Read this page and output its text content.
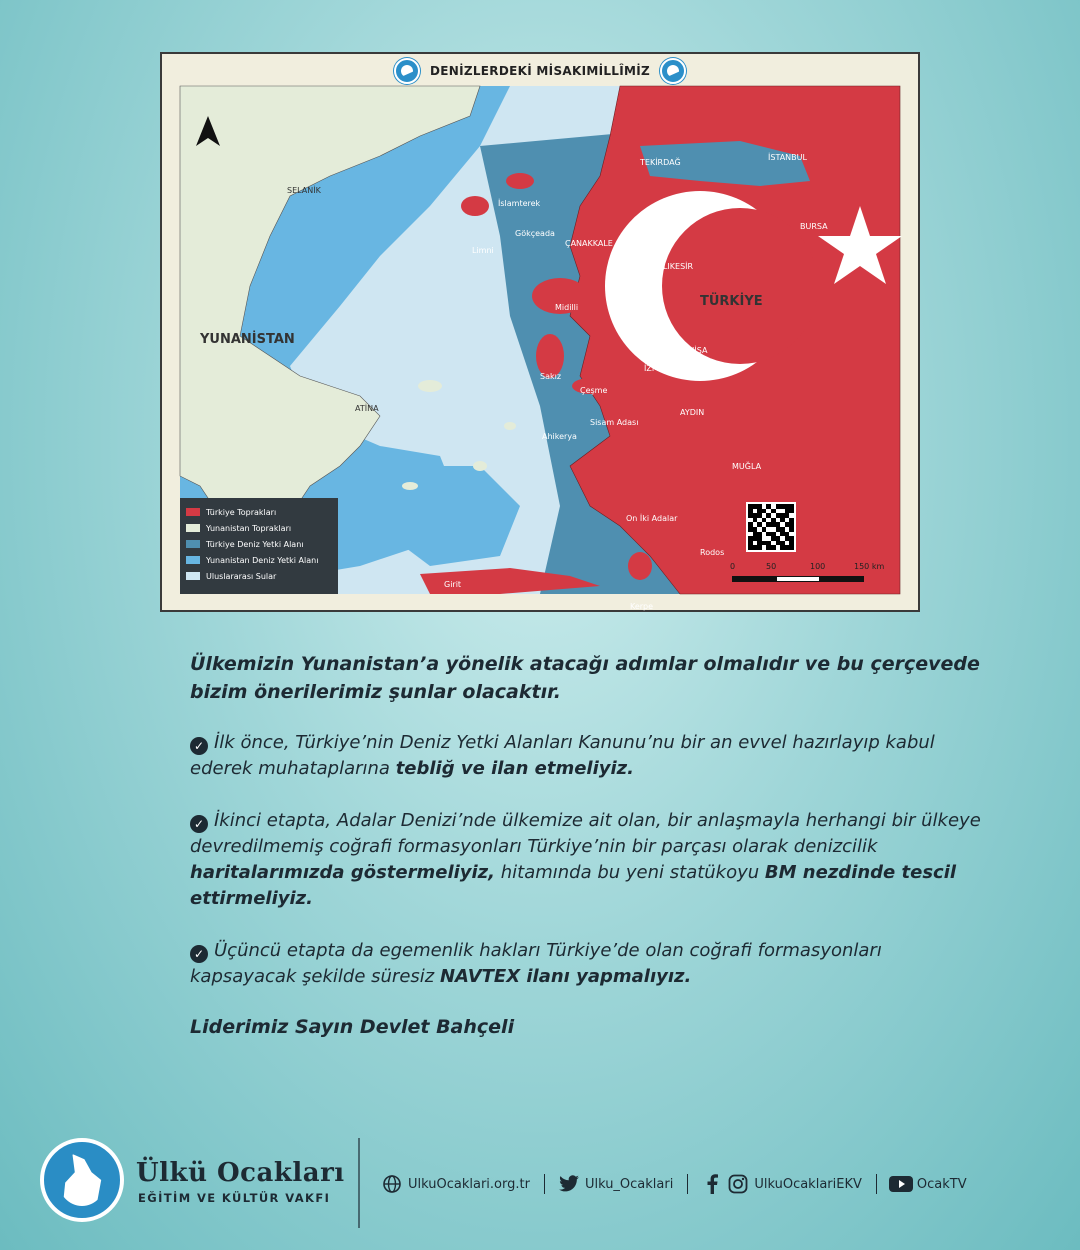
DENİZLERDEKİ MİSAKIMİLLÎMİZ
SELANİK
YUNANİSTAN
ATİNA
TÜRKİYE
TEKİRDAĞ
İSTANBUL
BURSA
ÇANAKKALE
BALIKESİR
MANİSA
İZMİR
AYDIN
MUĞLA
İslamterek
Gökçeada
Limni
Midilli
Sakız
Çeşme
Ahikerya
Sisam Adası
On İki Adalar
Rodos
Kerpe
Girit
0	50	100	150 km
Türkiye Toprakları
Yunanistan Toprakları
Türkiye Deniz Yetki Alanı
Yunanistan Deniz Yetki Alanı
Uluslararası Sular

Ülkemizin Yunanistan’a yönelik atacağı adımlar olmalıdır ve bu çerçevede bizim önerilerimiz şunlar olacaktır.

✓ İlk önce, Türkiye’nin Deniz Yetki Alanları Kanunu’nu bir an evvel hazırlayıp kabul ederek muhataplarına tebliğ ve ilan etmeliyiz.

✓ İkinci etapta, Adalar Denizi’nde ülkemize ait olan, bir anlaşmayla herhangi bir ülkeye devredilmemiş coğrafi formasyonları Türkiye’nin bir parçası olarak denizcilik haritalarımızda göstermeliyiz, hitamında bu yeni statükoyu BM nezdinde tescil ettirmeliyiz.

✓ Üçüncü etapta da egemenlik hakları Türkiye’de olan coğrafi formasyonları kapsayacak şekilde süresiz NAVTEX ilanı yapmalıyız.

Liderimiz Sayın Devlet Bahçeli
Ülkü Ocakları
EĞİTİM VE KÜLTÜR VAKFI
UlkuOcaklari.org.tr	Ulku_Ocaklari	UlkuOcaklariEKV	OcakTV
